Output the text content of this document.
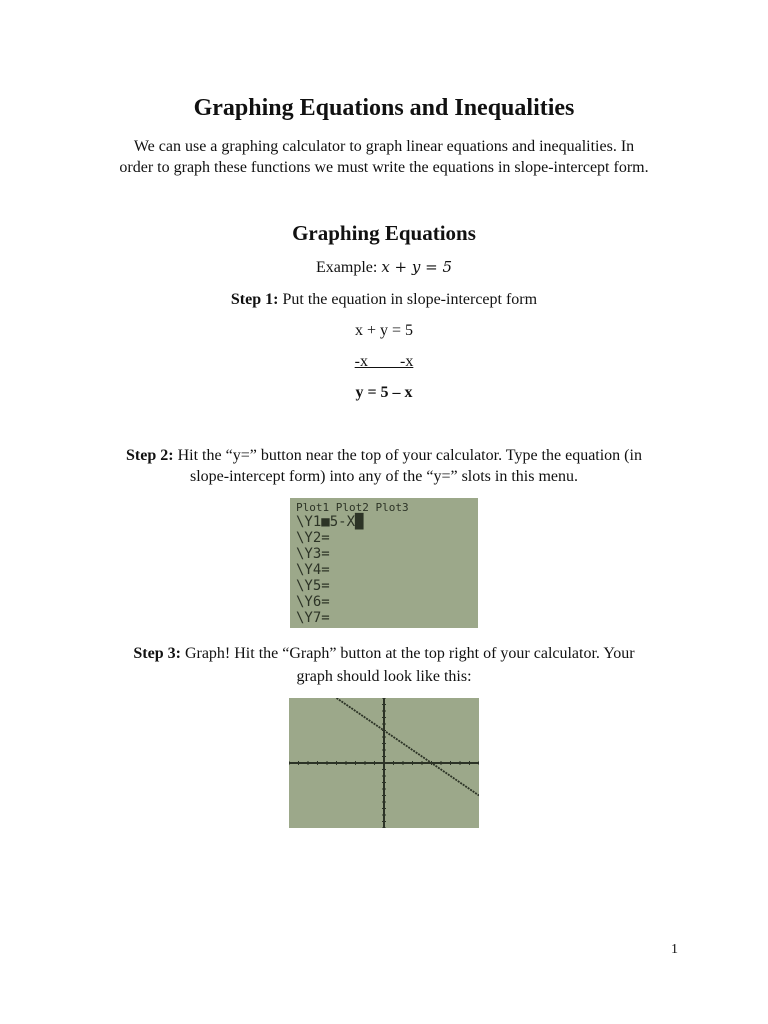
Graphing Equations and Inequalities
We can use a graphing calculator to graph linear equations and inequalities. In
order to graph these functions we must write the equations in slope-intercept form.
Graphing Equations
Example: x + y = 5
Step 1: Put the equation in slope-intercept form
x + y = 5
-x        -x
y = 5 – x
Step 2: Hit the “y=” button near the top of your calculator. Type the equation (in
slope-intercept form) into any of the “y=” slots in this menu.
Plot1 Plot2 Plot3
\Y1■5-X█
\Y2=
\Y3=
\Y4=
\Y5=
\Y6=
\Y7=
Step 3: Graph! Hit the “Graph” button at the top right of your calculator. Your
graph should look like this:
1
